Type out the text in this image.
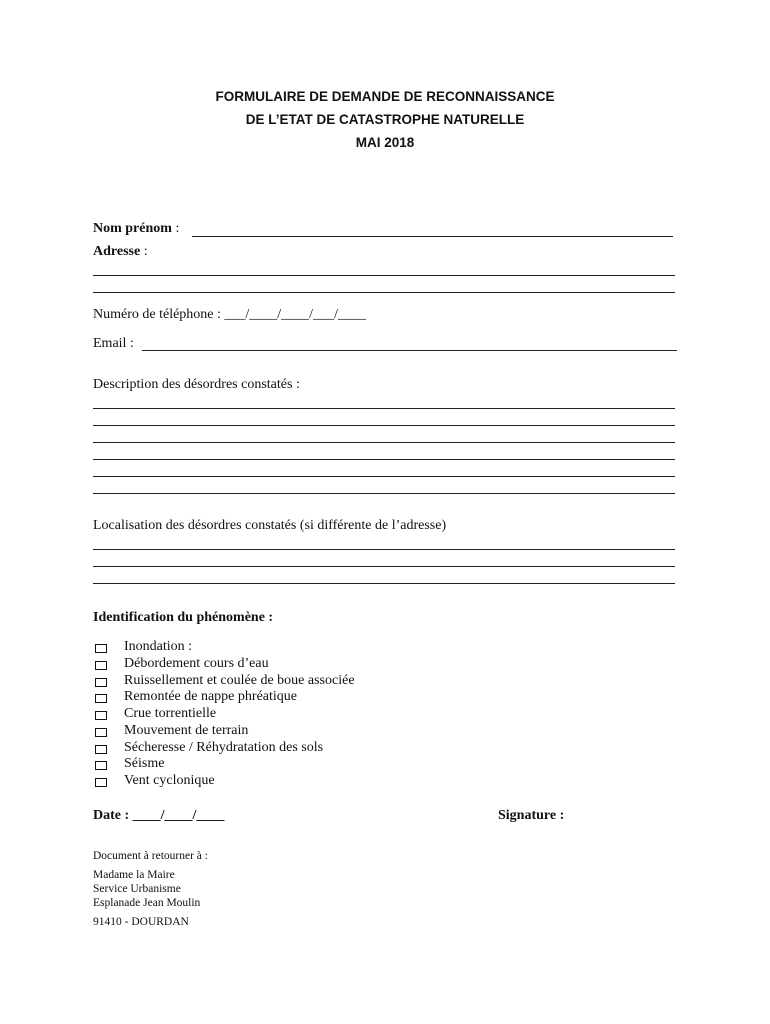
FORMULAIRE DE DEMANDE DE RECONNAISSANCE
DE L’ETAT DE CATASTROPHE NATURELLE
MAI 2018
Nom prénom :
Adresse :
Numéro de téléphone : ___/____/____/___/____
Email :
Description des désordres constatés :
Localisation des désordres constatés (si différente de l’adresse)
Identification du phénomène :
Inondation :
Débordement cours d’eau
Ruissellement et coulée de boue associée
Remontée de nappe phréatique
Crue torrentielle
Mouvement de terrain
Sécheresse / Réhydratation des sols
Séisme
Vent cyclonique
Date : ____/____/____	Signature :
Document à retourner à :
Madame la Maire
Service Urbanisme
Esplanade Jean Moulin
91410 - DOURDAN
